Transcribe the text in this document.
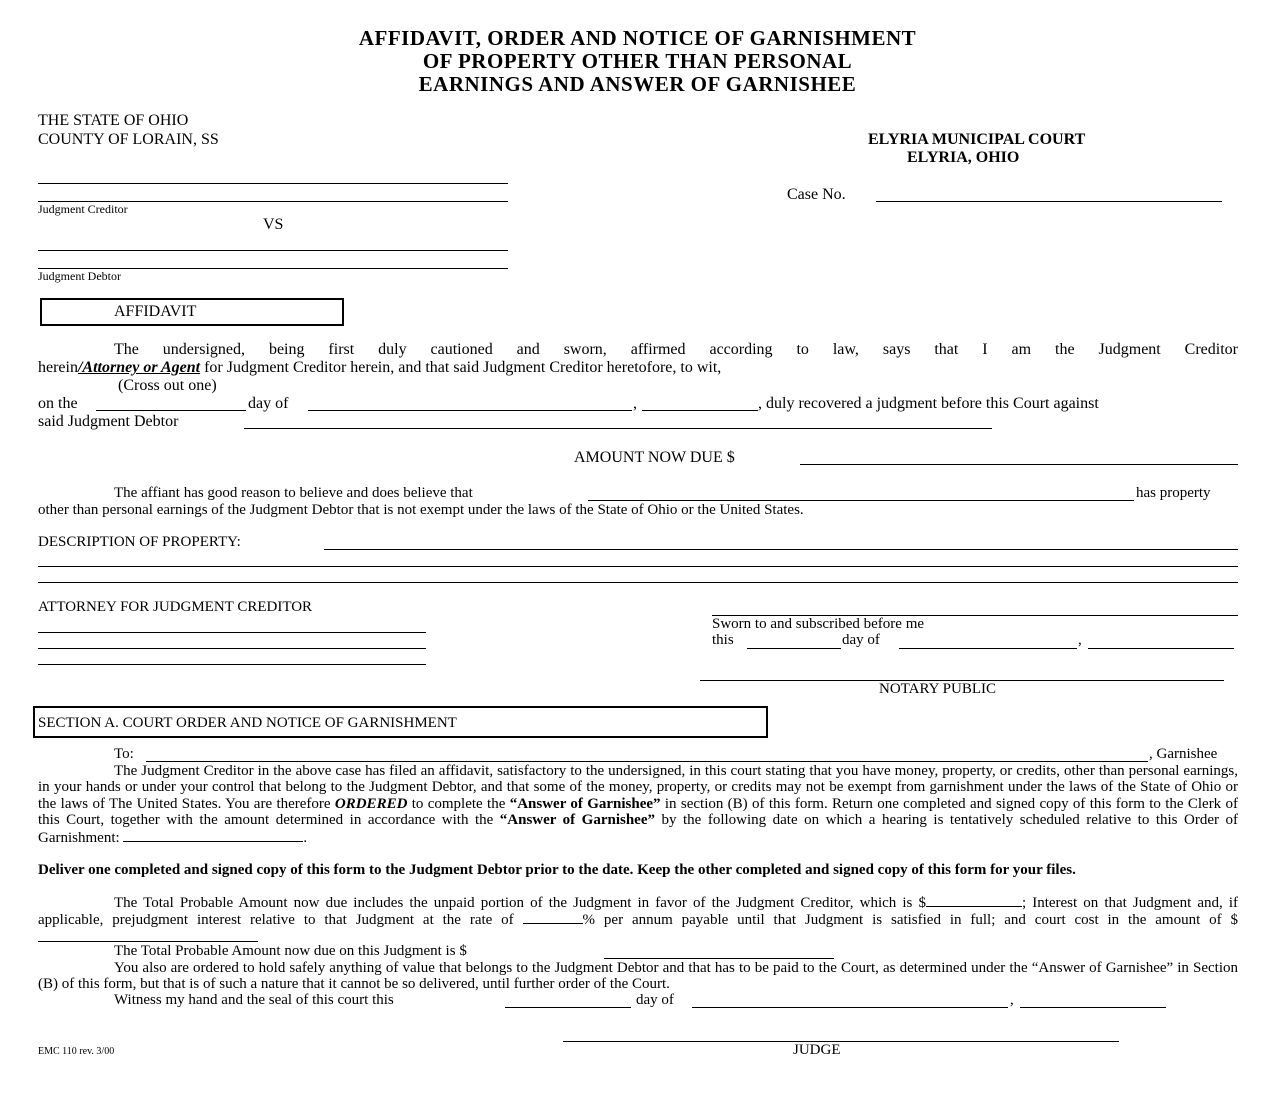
AFFIDAVIT, ORDER AND NOTICE OF GARNISHMENT
OF PROPERTY OTHER THAN PERSONAL
EARNINGS AND ANSWER OF GARNISHEE
THE STATE OF OHIO
COUNTY OF LORAIN, SS	ELYRIA MUNICIPAL COURT
ELYRIA, OHIO
Judgment Creditor
Case No.
VS
Judgment Debtor
AFFIDAVIT
The undersigned, being first duly cautioned and sworn, affirmed according to law, says that I am the Judgment Creditor
herein/Attorney or Agent for Judgment Creditor herein, and that said Judgment Creditor heretofore, to wit,
(Cross out one)
on the	day of	,	, duly recovered a judgment before this Court against
said Judgment Debtor
AMOUNT NOW DUE $
The affiant has good reason to believe and does believe that	has property
other than personal earnings of the Judgment Debtor that is not exempt under the laws of the State of Ohio or the United States.
DESCRIPTION OF PROPERTY:
ATTORNEY FOR JUDGMENT CREDITOR
Sworn to and subscribed before me
this	day of	,
NOTARY PUBLIC
SECTION A. COURT ORDER AND NOTICE OF GARNISHMENT
To:	, Garnishee
The Judgment Creditor in the above case has filed an affidavit, satisfactory to the undersigned, in this court stating that you have money, property, or credits, other than personal earnings, in your hands or under your control that belong to the Judgment Debtor, and that some of the money, property, or credits may not be exempt from garnishment under the laws of the State of Ohio or the laws of The United States. You are therefore ORDERED to complete the “Answer of Garnishee” in section (B) of this form. Return one completed and signed copy of this form to the Clerk of this Court, together with the amount determined in accordance with the “Answer of Garnishee” by the following date on which a hearing is tentatively scheduled relative to this Order of Garnishment:	.
Deliver one completed and signed copy of this form to the Judgment Debtor prior to the date. Keep the other completed and signed copy of this form for your files.
The Total Probable Amount now due includes the unpaid portion of the Judgment in favor of the Judgment Creditor, which is $	; Interest on that Judgment and, if applicable, prejudgment interest relative to that Judgment at the rate of	% per annum payable until that Judgment is satisfied in full; and court cost in the amount of $
The Total Probable Amount now due on this Judgment is $
You also are ordered to hold safely anything of value that belongs to the Judgment Debtor and that has to be paid to the Court, as determined under the “Answer of Garnishee” in Section (B) of this form, but that is of such a nature that it cannot be so delivered, until further order of the Court.
Witness my hand and the seal of this court this	day of	,
JUDGE
EMC 110 rev. 3/00
